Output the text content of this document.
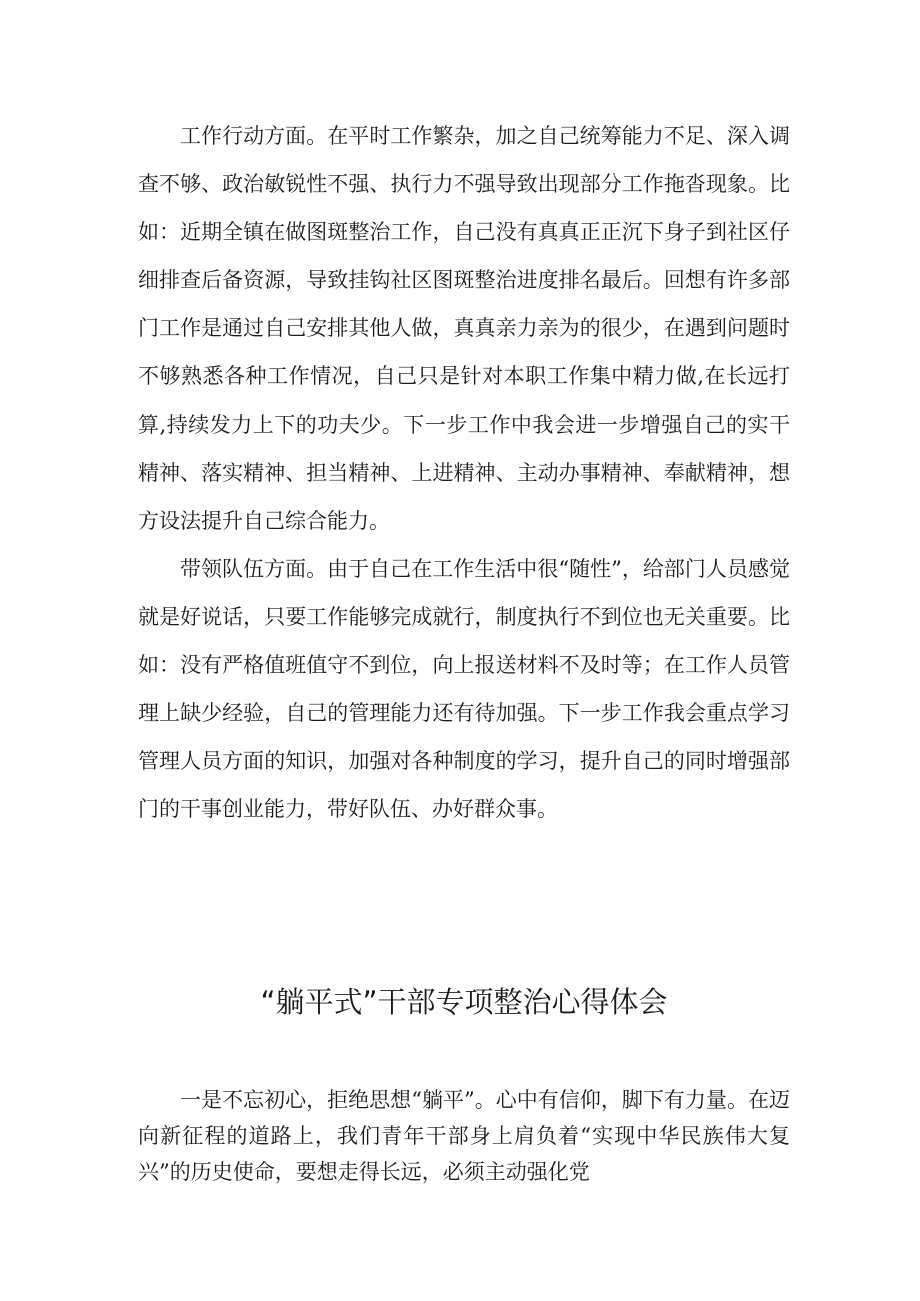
工作行动方面。在平时工作繁杂，加之自己统筹能力不足、深入调查不够、政治敏锐性不强、执行力不强导致出现部分工作拖沓现象。比如：近期全镇在做图斑整治工作，自己没有真真正正沉下身子到社区仔细排查后备资源，导致挂钩社区图斑整治进度排名最后。回想有许多部门工作是通过自己安排其他人做，真真亲力亲为的很少，在遇到问题时不够熟悉各种工作情况，自己只是针对本职工作集中精力做,在长远打算,持续发力上下的功夫少。下一步工作中我会进一步增强自己的实干精神、落实精神、担当精神、上进精神、主动办事精神、奉献精神，想方设法提升自己综合能力。

带领队伍方面。由于自己在工作生活中很“随性”，给部门人员感觉就是好说话，只要工作能够完成就行，制度执行不到位也无关重要。比如：没有严格值班值守不到位，向上报送材料不及时等；在工作人员管理上缺少经验，自己的管理能力还有待加强。下一步工作我会重点学习管理人员方面的知识，加强对各种制度的学习，提升自己的同时增强部门的干事创业能力，带好队伍、办好群众事。

“躺平式”干部专项整治心得体会

一是不忘初心，拒绝思想“躺平”。心中有信仰，脚下有力量。在迈向新征程的道路上，我们青年干部身上肩负着“实现中华民族伟大复兴”的历史使命，要想走得长远，必须主动强化党
